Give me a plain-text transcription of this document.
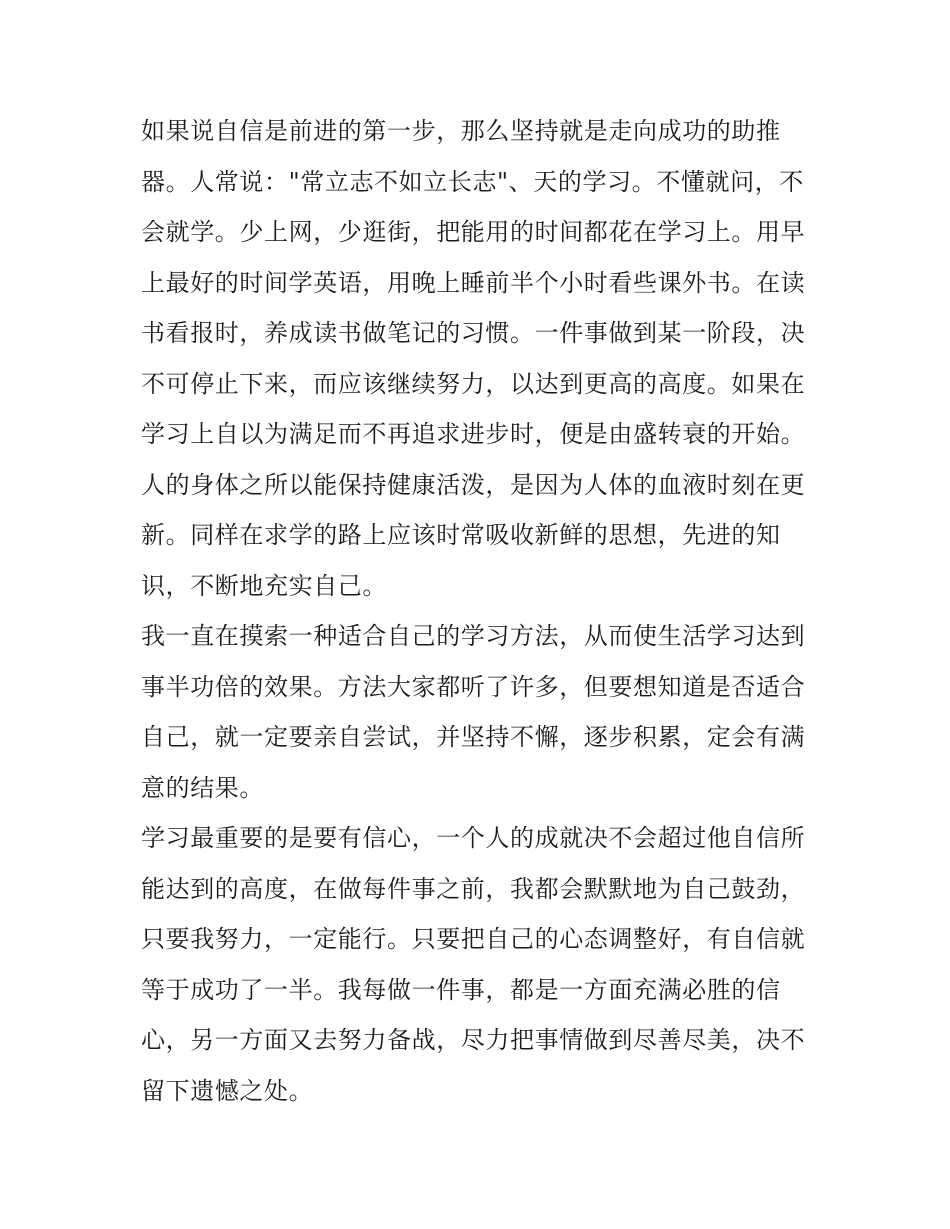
如果说自信是前进的第一步，那么坚持就是走向成功的助推
器。人常说："常立志不如立长志"、天的学习。不懂就问，不
会就学。少上网，少逛街，把能用的时间都花在学习上。用早
上最好的时间学英语，用晚上睡前半个小时看些课外书。在读
书看报时，养成读书做笔记的习惯。一件事做到某一阶段，决
不可停止下来，而应该继续努力，以达到更高的高度。如果在
学习上自以为满足而不再追求进步时，便是由盛转衰的开始。
人的身体之所以能保持健康活泼，是因为人体的血液时刻在更
新。同样在求学的路上应该时常吸收新鲜的思想，先进的知
识，不断地充实自己。
我一直在摸索一种适合自己的学习方法，从而使生活学习达到
事半功倍的效果。方法大家都听了许多，但要想知道是否适合
自己，就一定要亲自尝试，并坚持不懈，逐步积累，定会有满
意的结果。
学习最重要的是要有信心，一个人的成就决不会超过他自信所
能达到的高度，在做每件事之前，我都会默默地为自己鼓劲，
只要我努力，一定能行。只要把自己的心态调整好，有自信就
等于成功了一半。我每做一件事，都是一方面充满必胜的信
心，另一方面又去努力备战，尽力把事情做到尽善尽美，决不
留下遗憾之处。
